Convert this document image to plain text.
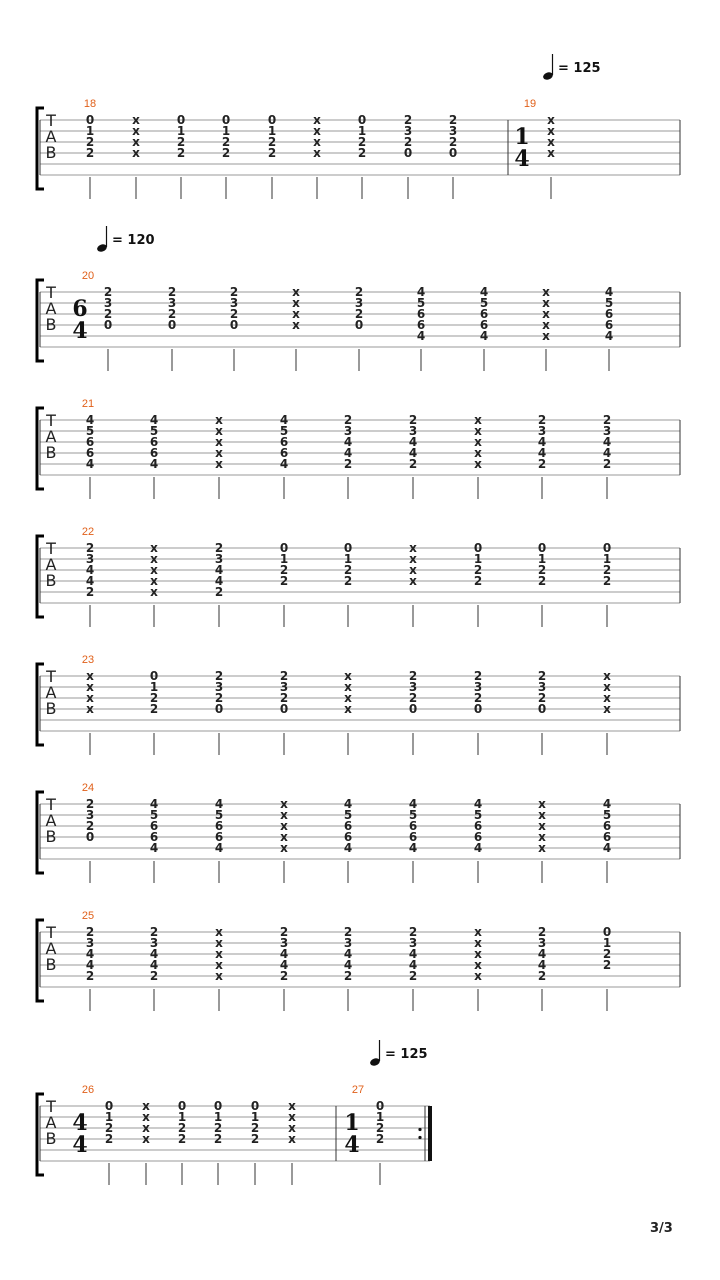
T
A
B
18
0
1
2
2
x
x
x
x
0
1
2
2
0
1
2
2
0
1
2
2
x
x
x
x
0
1
2
2
2
3
2
0
2
3
2
0
19
1
4
= 125
x
x
x
x
T
A
B
20
6
4
= 120
2
3
2
0
2
3
2
0
2
3
2
0
x
x
x
x
2
3
2
0
4
5
6
6
4
4
5
6
6
4
x
x
x
x
x
4
5
6
6
4
T
A
B
21
4
5
6
6
4
4
5
6
6
4
x
x
x
x
x
4
5
6
6
4
2
3
4
4
2
2
3
4
4
2
x
x
x
x
x
2
3
4
4
2
2
3
4
4
2
T
A
B
22
2
3
4
4
2
x
x
x
x
x
2
3
4
4
2
0
1
2
2
0
1
2
2
x
x
x
x
0
1
2
2
0
1
2
2
0
1
2
2
T
A
B
23
x
x
x
x
0
1
2
2
2
3
2
0
2
3
2
0
x
x
x
x
2
3
2
0
2
3
2
0
2
3
2
0
x
x
x
x
T
A
B
24
2
3
2
0
4
5
6
6
4
4
5
6
6
4
x
x
x
x
x
4
5
6
6
4
4
5
6
6
4
4
5
6
6
4
x
x
x
x
x
4
5
6
6
4
T
A
B
25
2
3
4
4
2
2
3
4
4
2
x
x
x
x
x
2
3
4
4
2
2
3
4
4
2
2
3
4
4
2
x
x
x
x
x
2
3
4
4
2
0
1
2
2
T
A
B
26
4
4
0
1
2
2
x
x
x
x
0
1
2
2
0
1
2
2
0
1
2
2
x
x
x
x
27
1
4
= 125
0
1
2
2
3/3
